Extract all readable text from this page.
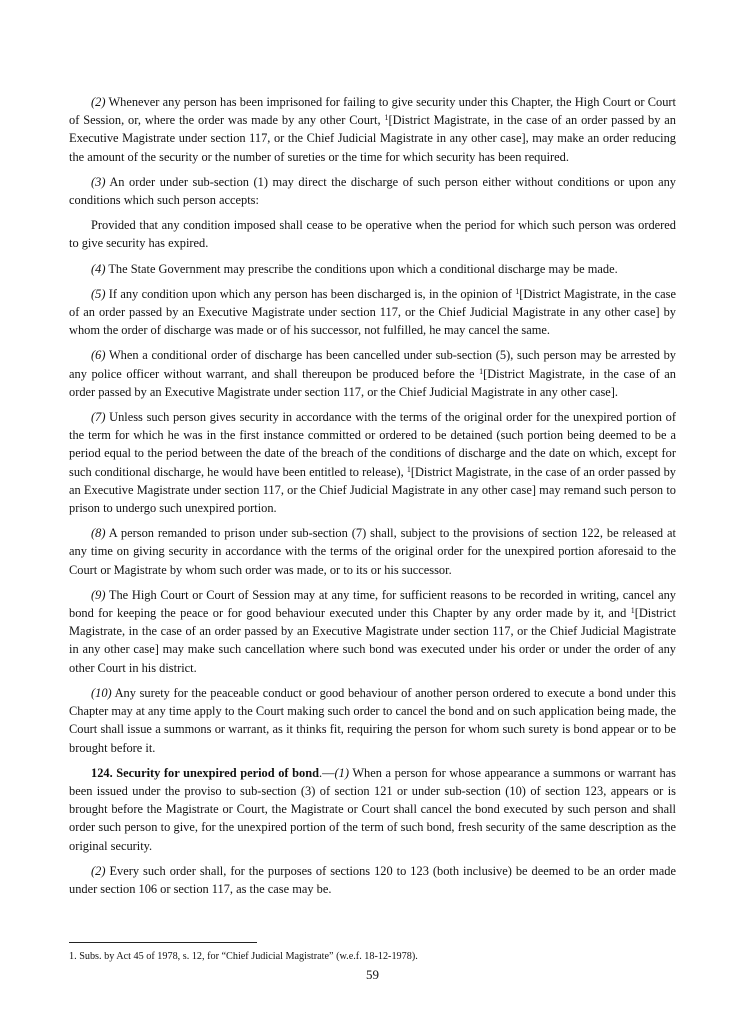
(2) Whenever any person has been imprisoned for failing to give security under this Chapter, the High Court or Court of Session, or, where the order was made by any other Court, $^1$[District Magistrate, in the case of an order passed by an Executive Magistrate under section 117, or the Chief Judicial Magistrate in any other case], may make an order reducing the amount of the security or the number of sureties or the time for which security has been required.

(3) An order under sub-section (1) may direct the discharge of such person either without conditions or upon any conditions which such person accepts:

Provided that any condition imposed shall cease to be operative when the period for which such person was ordered to give security has expired.

(4) The State Government may prescribe the conditions upon which a conditional discharge may be made.

(5) If any condition upon which any person has been discharged is, in the opinion of $^1$[District Magistrate, in the case of an order passed by an Executive Magistrate under section 117, or the Chief Judicial Magistrate in any other case] by whom the order of discharge was made or of his successor, not fulfilled, he may cancel the same.

(6) When a conditional order of discharge has been cancelled under sub-section (5), such person may be arrested by any police officer without warrant, and shall thereupon be produced before the $^1$[District Magistrate, in the case of an order passed by an Executive Magistrate under section 117, or the Chief Judicial Magistrate in any other case].

(7) Unless such person gives security in accordance with the terms of the original order for the unexpired portion of the term for which he was in the first instance committed or ordered to be detained (such portion being deemed to be a period equal to the period between the date of the breach of the conditions of discharge and the date on which, except for such conditional discharge, he would have been entitled to release), $^1$[District Magistrate, in the case of an order passed by an Executive Magistrate under section 117, or the Chief Judicial Magistrate in any other case] may remand such person to prison to undergo such unexpired portion.

(8) A person remanded to prison under sub-section (7) shall, subject to the provisions of section 122, be released at any time on giving security in accordance with the terms of the original order for the unexpired portion aforesaid to the Court or Magistrate by whom such order was made, or to its or his successor.

(9) The High Court or Court of Session may at any time, for sufficient reasons to be recorded in writing, cancel any bond for keeping the peace or for good behaviour executed under this Chapter by any order made by it, and $^1$[District Magistrate, in the case of an order passed by an Executive Magistrate under section 117, or the Chief Judicial Magistrate in any other case] may make such cancellation where such bond was executed under his order or under the order of any other Court in his district.

(10) Any surety for the peaceable conduct or good behaviour of another person ordered to execute a bond under this Chapter may at any time apply to the Court making such order to cancel the bond and on such application being made, the Court shall issue a summons or warrant, as it thinks fit, requiring the person for whom such surety is bond appear or to be brought before it.

124. Security for unexpired period of bond.—(1) When a person for whose appearance a summons or warrant has been issued under the proviso to sub-section (3) of section 121 or under sub-section (10) of section 123, appears or is brought before the Magistrate or Court, the Magistrate or Court shall cancel the bond executed by such person and shall order such person to give, for the unexpired portion of the term of such bond, fresh security of the same description as the original security.

(2) Every such order shall, for the purposes of sections 120 to 123 (both inclusive) be deemed to be an order made under section 106 or section 117, as the case may be.

1. Subs. by Act 45 of 1978, s. 12, for “Chief Judicial Magistrate” (w.e.f. 18-12-1978).
59
